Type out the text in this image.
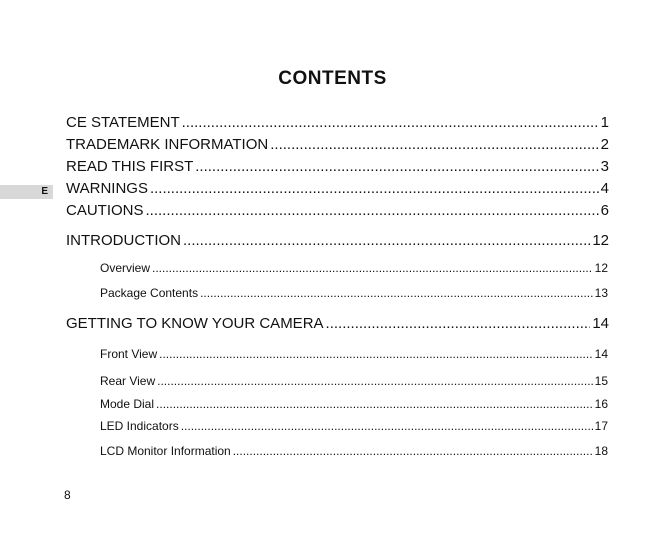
CONTENTS
E
CE STATEMENT .....	1
TRADEMARK INFORMATION .....	2
READ THIS FIRST .....	3
WARNINGS .....	4
CAUTIONS .....	6
INTRODUCTION .....	12
Overview .....	12
Package Contents .....	13
GETTING TO KNOW YOUR CAMERA .....	14
Front View .....	14
Rear View .....	15
Mode Dial .....	16
LED Indicators .....	17
LCD Monitor Information .....	18
8
